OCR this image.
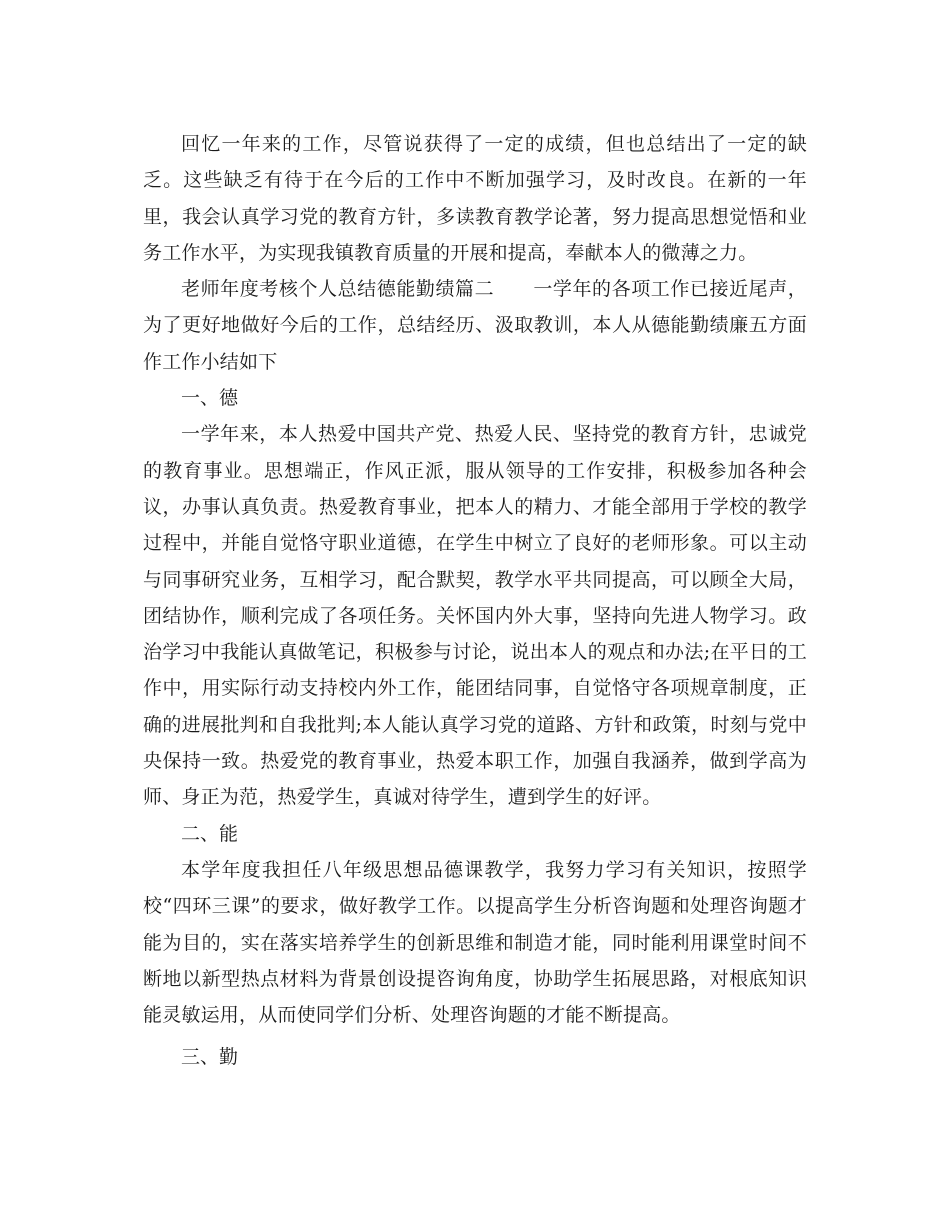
回忆一年来的工作，尽管说获得了一定的成绩，但也总结出了一定的缺乏。这些缺乏有待于在今后的工作中不断加强学习，及时改良。在新的一年里，我会认真学习党的教育方针，多读教育教学论著，努力提高思想觉悟和业务工作水平，为实现我镇教育质量的开展和提高，奉献本人的微薄之力。

老师年度考核个人总结德能勤绩篇二　　一学年的各项工作已接近尾声，为了更好地做好今后的工作，总结经历、汲取教训，本人从德能勤绩廉五方面作工作小结如下

一、德

一学年来，本人热爱中国共产党、热爱人民、坚持党的教育方针，忠诚党的教育事业。思想端正，作风正派，服从领导的工作安排，积极参加各种会议，办事认真负责。热爱教育事业，把本人的精力、才能全部用于学校的教学过程中，并能自觉恪守职业道德，在学生中树立了良好的老师形象。可以主动与同事研究业务，互相学习，配合默契，教学水平共同提高，可以顾全大局，团结协作，顺利完成了各项任务。关怀国内外大事，坚持向先进人物学习。政治学习中我能认真做笔记，积极参与讨论，说出本人的观点和办法;在平日的工作中，用实际行动支持校内外工作，能团结同事，自觉恪守各项规章制度，正确的进展批判和自我批判;本人能认真学习党的道路、方针和政策，时刻与党中央保持一致。热爱党的教育事业，热爱本职工作，加强自我涵养，做到学高为师、身正为范，热爱学生，真诚对待学生，遭到学生的好评。

二、能

本学年度我担任八年级思想品德课教学，我努力学习有关知识，按照学校“四环三课”的要求，做好教学工作。以提高学生分析咨询题和处理咨询题才能为目的，实在落实培养学生的创新思维和制造才能，同时能利用课堂时间不断地以新型热点材料为背景创设提咨询角度，协助学生拓展思路，对根底知识能灵敏运用，从而使同学们分析、处理咨询题的才能不断提高。

三、勤
